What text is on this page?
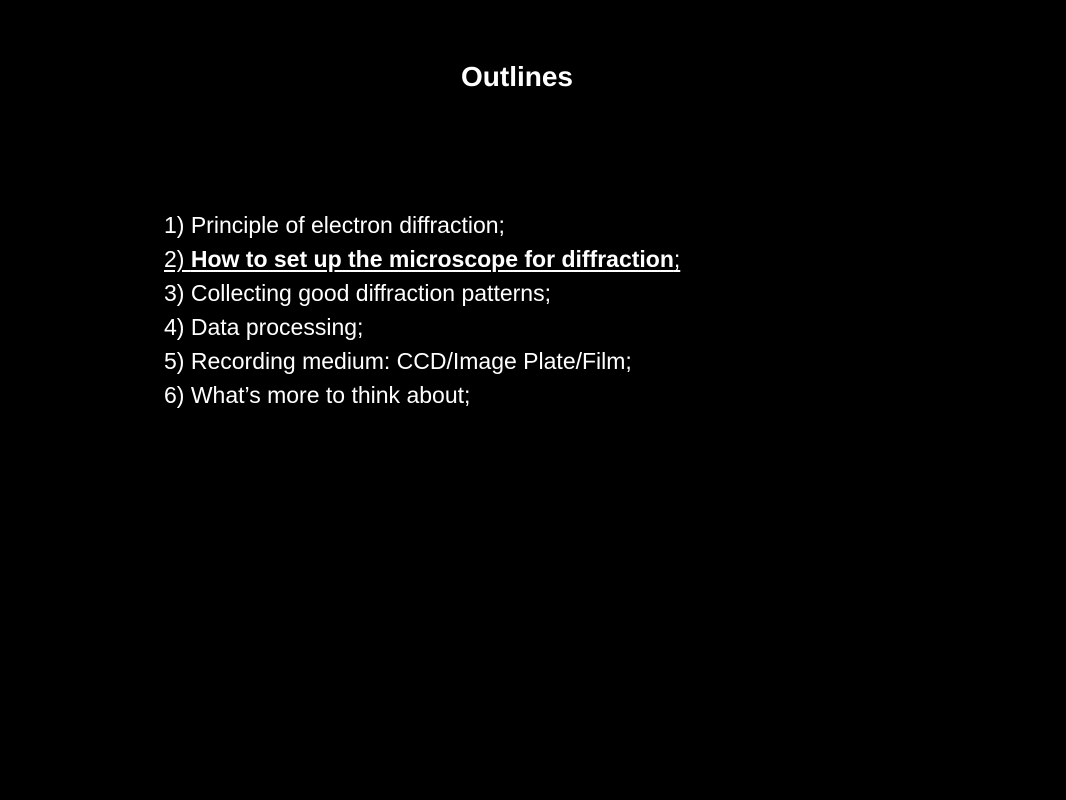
Outlines
1) Principle of electron diffraction;
2) How to set up the microscope for diffraction;
3) Collecting good diffraction patterns;
4) Data processing;
5) Recording medium: CCD/Image Plate/Film;
6) What’s more to think about;
